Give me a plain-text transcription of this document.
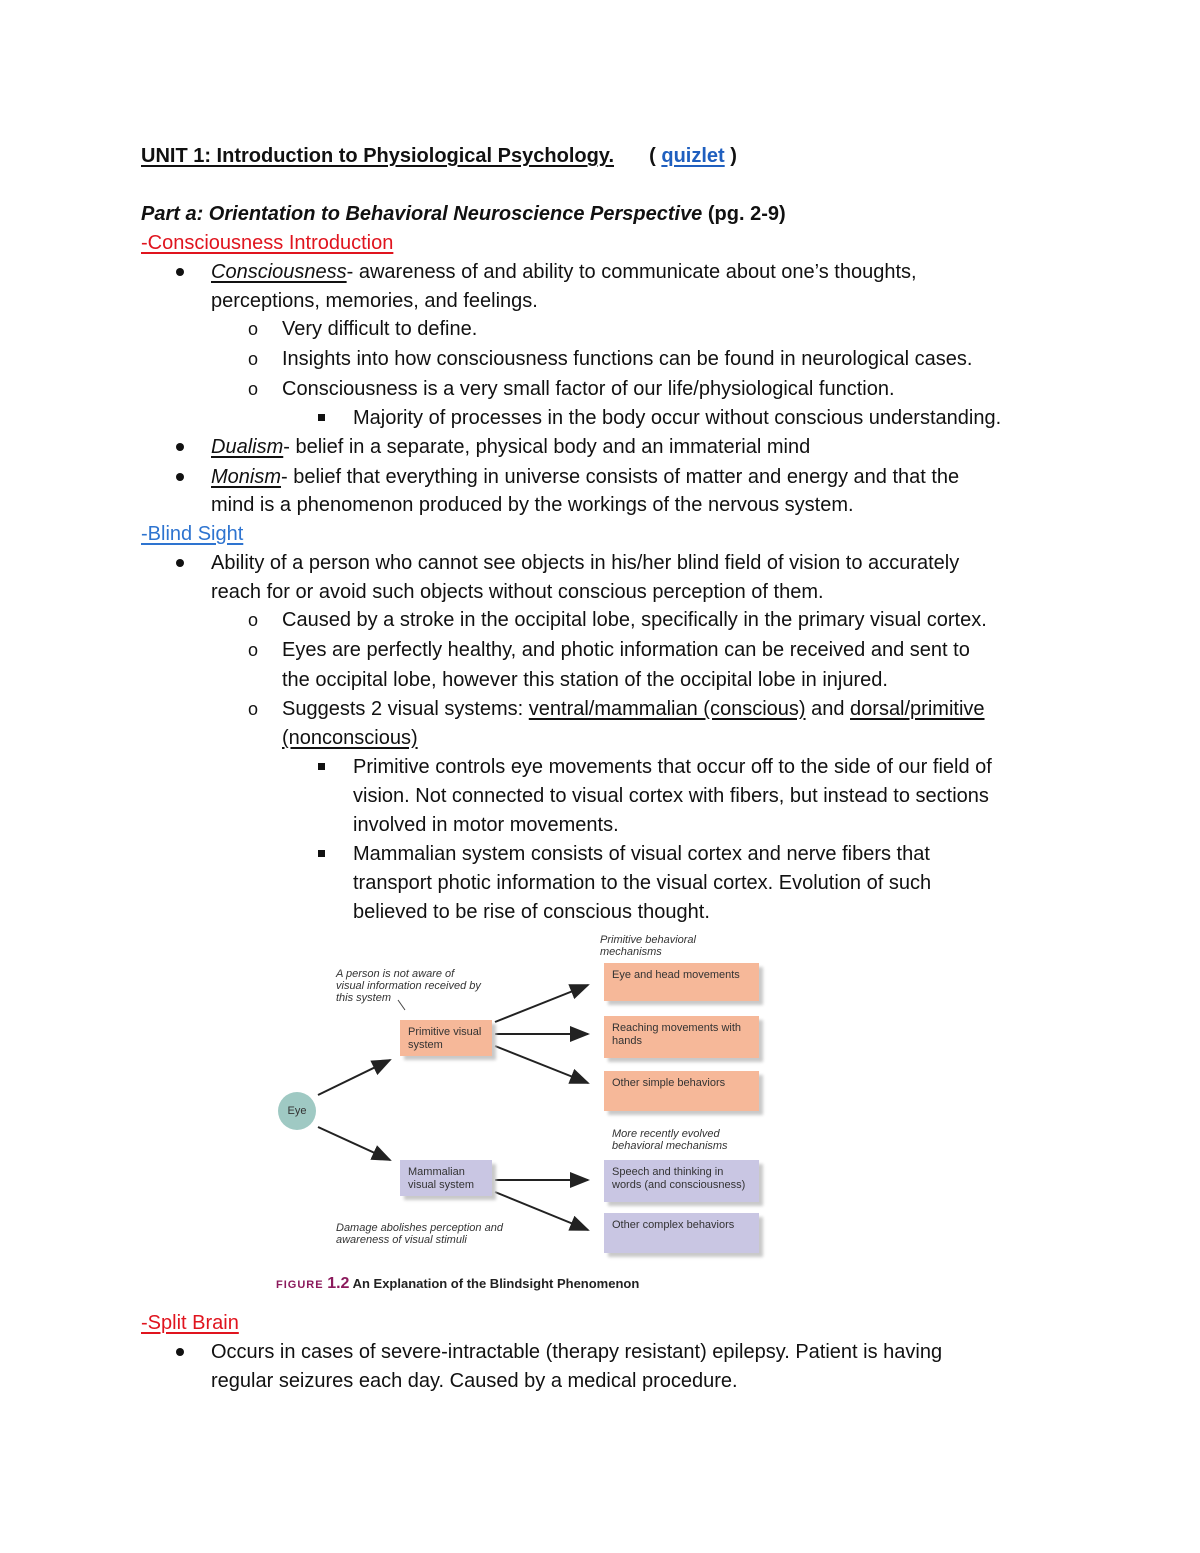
UNIT 1: Introduction to Physiological Psychology. ( quizlet )
Part a: Orientation to Behavioral Neuroscience Perspective (pg. 2-9)
-Consciousness Introduction
Consciousness- awareness of and ability to communicate about one’s thoughts,
perceptions, memories, and feelings.
o Very difficult to define.
o Insights into how consciousness functions can be found in neurological cases.
o Consciousness is a very small factor of our life/physiological function.
Majority of processes in the body occur without conscious understanding.
Dualism- belief in a separate, physical body and an immaterial mind
Monism- belief that everything in universe consists of matter and energy and that the
mind is a phenomenon produced by the workings of the nervous system.
-Blind Sight
Ability of a person who cannot see objects in his/her blind field of vision to accurately
reach for or avoid such objects without conscious perception of them.
o Caused by a stroke in the occipital lobe, specifically in the primary visual cortex.
o Eyes are perfectly healthy, and photic information can be received and sent to
the occipital lobe, however this station of the occipital lobe in injured.
o Suggests 2 visual systems: ventral/mammalian (conscious) and dorsal/primitive
(nonconscious)
Primitive controls eye movements that occur off to the side of our field of
vision. Not connected to visual cortex with fibers, but instead to sections
involved in motor movements.
Mammalian system consists of visual cortex and nerve fibers that
transport photic information to the visual cortex. Evolution of such
believed to be rise of conscious thought.
Eye
Primitive visual system
Mammalian visual system
A person is not aware of visual information received by this system
Damage abolishes perception and awareness of visual stimuli
Primitive behavioral mechanisms
More recently evolved behavioral mechanisms
Eye and head movements
Reaching movements with hands
Other simple behaviors
Speech and thinking in words (and consciousness)
Other complex behaviors
FIGURE 1.2 An Explanation of the Blindsight Phenomenon
-Split Brain
Occurs in cases of severe-intractable (therapy resistant) epilepsy. Patient is having
regular seizures each day. Caused by a medical procedure.
